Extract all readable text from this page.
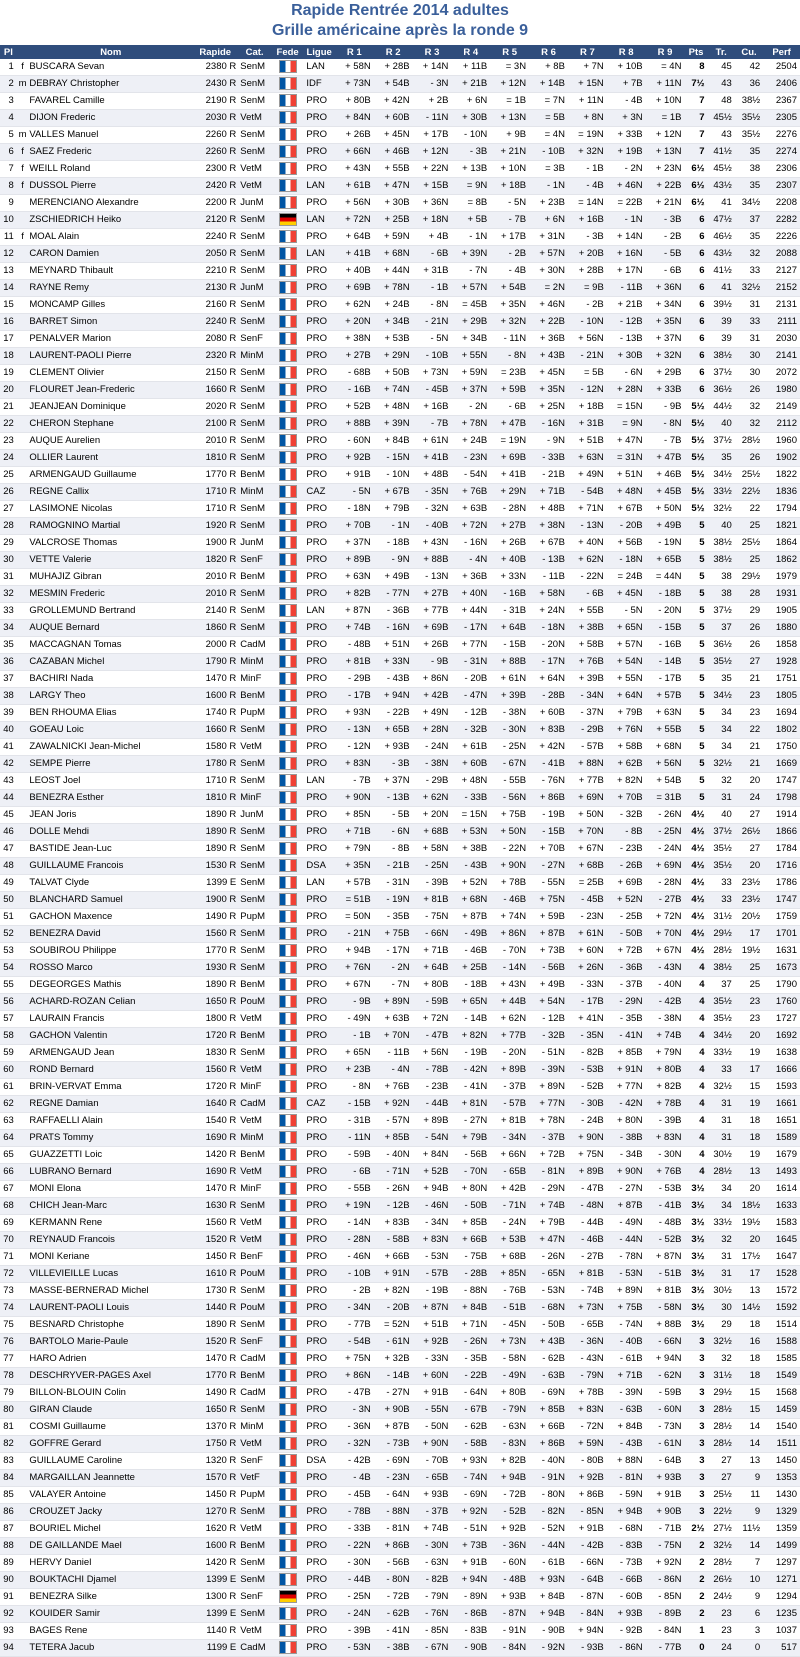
Rapide Rentrée 2014 adultes
Grille américaine après la ronde 9
Pl		Nom	Rapide	Cat.	Fede	Ligue	R 1	R 2	R 3	R 4	R 5	R 6	R 7	R 8	R 9	Pts	Tr.	Cu.	Perf
1	f	BUSCARA Sevan	2380 R	SenM		LAN	+ 58N	+ 28B	+ 14N	+ 11B	= 3N	+ 8B	+ 7N	+ 10B	= 4N	8	45	42	2504
2	m	DEBRAY Christopher	2430 R	SenM		IDF	+ 73N	+ 54B	- 3N	+ 21B	+ 12N	+ 14B	+ 15N	+ 7B	+ 11N	7½	43	36	2406
3		FAVAREL Camille	2190 R	SenM		PRO	+ 80B	+ 42N	+ 2B	+ 6N	= 1B	= 7N	+ 11N	- 4B	+ 10N	7	48	38½	2367
4		DIJON Frederic	2030 R	VetM		PRO	+ 84N	+ 60B	- 11N	+ 30B	+ 13N	= 5B	+ 8N	+ 3N	= 1B	7	45½	35½	2305
5	m	VALLES Manuel	2260 R	SenM		PRO	+ 26B	+ 45N	+ 17B	- 10N	+ 9B	= 4N	= 19N	+ 33B	+ 12N	7	43	35½	2276
6	f	SAEZ Frederic	2260 R	SenM		PRO	+ 66N	+ 46B	+ 12N	- 3B	+ 21N	- 10B	+ 32N	+ 19B	+ 13N	7	41½	35	2274
7	f	WEILL Roland	2300 R	VetM		PRO	+ 43N	+ 55B	+ 22N	+ 13B	+ 10N	= 3B	- 1B	- 2N	+ 23N	6½	45½	38	2306
8	f	DUSSOL Pierre	2420 R	VetM		LAN	+ 61B	+ 47N	+ 15B	= 9N	+ 18B	- 1N	- 4B	+ 46N	+ 22B	6½	43½	35	2307
9		MERENCIANO Alexandre	2200 R	JunM		PRO	+ 56N	+ 30B	+ 36N	= 8B	- 5N	+ 23B	= 14N	= 22B	+ 21N	6½	41	34½	2208
10		ZSCHIEDRICH Heiko	2120 R	SenM		LAN	+ 72N	+ 25B	+ 18N	+ 5B	- 7B	+ 6N	+ 16B	- 1N	- 3B	6	47½	37	2282
11	f	MOAL Alain	2240 R	SenM		PRO	+ 64B	+ 59N	+ 4B	- 1N	+ 17B	+ 31N	- 3B	+ 14N	- 2B	6	46½	35	2226
12		CARON Damien	2050 R	SenM		LAN	+ 41B	+ 68N	- 6B	+ 39N	- 2B	+ 57N	+ 20B	+ 16N	- 5B	6	43½	32	2088
13		MEYNARD Thibault	2210 R	SenM		PRO	+ 40B	+ 44N	+ 31B	- 7N	- 4B	+ 30N	+ 28B	+ 17N	- 6B	6	41½	33	2127
14		RAYNE Remy	2130 R	JunM		PRO	+ 69B	+ 78N	- 1B	+ 57N	+ 54B	= 2N	= 9B	- 11B	+ 36N	6	41	32½	2152
15		MONCAMP Gilles	2160 R	SenM		PRO	+ 62N	+ 24B	- 8N	= 45B	+ 35N	+ 46N	- 2B	+ 21B	+ 34N	6	39½	31	2131
16		BARRET Simon	2240 R	SenM		PRO	+ 20N	+ 34B	- 21N	+ 29B	+ 32N	+ 22B	- 10N	- 12B	+ 35N	6	39	33	2111
17		PENALVER Marion	2080 R	SenF		PRO	+ 38N	+ 53B	- 5N	+ 34B	- 11N	+ 36B	+ 56N	- 13B	+ 37N	6	39	31	2030
18		LAURENT-PAOLI Pierre	2320 R	MinM		PRO	+ 27B	+ 29N	- 10B	+ 55N	- 8N	+ 43B	- 21N	+ 30B	+ 32N	6	38½	30	2141
19		CLEMENT Olivier	2150 R	SenM		PRO	- 68B	+ 50B	+ 73N	+ 59N	= 23B	+ 45N	= 5B	- 6N	+ 29B	6	37½	30	2072
20		FLOURET Jean-Frederic	1660 R	SenM		PRO	- 16B	+ 74N	- 45B	+ 37N	+ 59B	+ 35N	- 12N	+ 28N	+ 33B	6	36½	26	1980
21		JEANJEAN Dominique	2020 R	SenM		PRO	+ 52B	+ 48N	+ 16B	- 2N	- 6B	+ 25N	+ 18B	= 15N	- 9B	5½	44½	32	2149
22		CHERON Stephane	2100 R	SenM		PRO	+ 88B	+ 39N	- 7B	+ 78N	+ 47B	- 16N	+ 31B	= 9N	- 8N	5½	40	32	2112
23		AUQUE Aurelien	2010 R	SenM		PRO	- 60N	+ 84B	+ 61N	+ 24B	= 19N	- 9N	+ 51B	+ 47N	- 7B	5½	37½	28½	1960
24		OLLIER Laurent	1810 R	SenM		PRO	+ 92B	- 15N	+ 41B	- 23N	+ 69B	- 33B	+ 63N	= 31N	+ 47B	5½	35	26	1902
25		ARMENGAUD Guillaume	1770 R	BenM		PRO	+ 91B	- 10N	+ 48B	- 54N	+ 41B	- 21B	+ 49N	+ 51N	+ 46B	5½	34½	25½	1822
26		REGNE Callix	1710 R	MinM		CAZ	- 5N	+ 67B	- 35N	+ 76B	+ 29N	+ 71B	- 54B	+ 48N	+ 45B	5½	33½	22½	1836
27		LASIMONE Nicolas	1710 R	SenM		PRO	- 18N	+ 79B	- 32N	+ 63B	- 28N	+ 48B	+ 71N	+ 67B	+ 50N	5½	32½	22	1794
28		RAMOGNINO Martial	1920 R	SenM		PRO	+ 70B	- 1N	- 40B	+ 72N	+ 27B	+ 38N	- 13N	- 20B	+ 49B	5	40	25	1821
29		VALCROSE Thomas	1900 R	JunM		PRO	+ 37N	- 18B	+ 43N	- 16N	+ 26B	+ 67B	+ 40N	+ 56B	- 19N	5	38½	25½	1864
30		VETTE Valerie	1820 R	SenF		PRO	+ 89B	- 9N	+ 88B	- 4N	+ 40B	- 13B	+ 62N	- 18N	+ 65B	5	38½	25	1862
31		MUHAJIZ Gibran	2010 R	BenM		PRO	+ 63N	+ 49B	- 13N	+ 36B	+ 33N	- 11B	- 22N	= 24B	= 44N	5	38	29½	1979
32		MESMIN Frederic	2010 R	SenM		PRO	+ 82B	- 77N	+ 27B	+ 40N	- 16B	+ 58N	- 6B	+ 45N	- 18B	5	38	28	1931
33		GROLLEMUND Bertrand	2140 R	SenM		LAN	+ 87N	- 36B	+ 77B	+ 44N	- 31B	+ 24N	+ 55B	- 5N	- 20N	5	37½	29	1905
34		AUQUE Bernard	1860 R	SenM		PRO	+ 74B	- 16N	+ 69B	- 17N	+ 64B	- 18N	+ 38B	+ 65N	- 15B	5	37	26	1880
35		MACCAGNAN Tomas	2000 R	CadM		PRO	- 48B	+ 51N	+ 26B	+ 77N	- 15B	- 20N	+ 58B	+ 57N	- 16B	5	36½	26	1858
36		CAZABAN Michel	1790 R	MinM		PRO	+ 81B	+ 33N	- 9B	- 31N	+ 88B	- 17N	+ 76B	+ 54N	- 14B	5	35½	27	1928
37		BACHIRI Nada	1470 R	MinF		PRO	- 29B	- 43B	+ 86N	- 20B	+ 61N	+ 64N	+ 39B	+ 55N	- 17B	5	35	21	1751
38		LARGY Theo	1600 R	BenM		PRO	- 17B	+ 94N	+ 42B	- 47N	+ 39B	- 28B	- 34N	+ 64N	+ 57B	5	34½	23	1805
39		BEN RHOUMA Elias	1740 R	PupM		PRO	+ 93N	- 22B	+ 49N	- 12B	- 38N	+ 60B	- 37N	+ 79B	+ 63N	5	34	23	1694
40		GOEAU Loic	1660 R	SenM		PRO	- 13N	+ 65B	+ 28N	- 32B	- 30N	+ 83B	- 29B	+ 76N	+ 55B	5	34	22	1802
41		ZAWALNICKI Jean-Michel	1580 R	VetM		PRO	- 12N	+ 93B	- 24N	+ 61B	- 25N	+ 42N	- 57B	+ 58B	+ 68N	5	34	21	1750
42		SEMPE Pierre	1780 R	SenM		PRO	+ 83N	- 3B	- 38N	+ 60B	- 67N	- 41B	+ 88N	+ 62B	+ 56N	5	32½	21	1669
43		LEOST Joel	1710 R	SenM		LAN	- 7B	+ 37N	- 29B	+ 48N	- 55B	- 76N	+ 77B	+ 82N	+ 54B	5	32	20	1747
44		BENEZRA Esther	1810 R	MinF		PRO	+ 90N	- 13B	+ 62N	- 33B	- 56N	+ 86B	+ 69N	+ 70B	= 31B	5	31	24	1798
45		JEAN Joris	1890 R	JunM		PRO	+ 85N	- 5B	+ 20N	= 15N	+ 75B	- 19B	+ 50N	- 32B	- 26N	4½	40	27	1914
46		DOLLE Mehdi	1890 R	SenM		PRO	+ 71B	- 6N	+ 68B	+ 53N	+ 50N	- 15B	+ 70N	- 8B	- 25N	4½	37½	26½	1866
47		BASTIDE Jean-Luc	1890 R	SenM		PRO	+ 79N	- 8B	+ 58N	+ 38B	- 22N	+ 70B	+ 67N	- 23B	- 24N	4½	35½	27	1784
48		GUILLAUME Francois	1530 R	SenM		DSA	+ 35N	- 21B	- 25N	- 43B	+ 90N	- 27N	+ 68B	- 26B	+ 69N	4½	35½	20	1716
49		TALVAT Clyde	1399 E	SenM		LAN	+ 57B	- 31N	- 39B	+ 52N	+ 78B	- 55N	= 25B	+ 69B	- 28N	4½	33	23½	1786
50		BLANCHARD Samuel	1900 R	SenM		PRO	= 51B	- 19N	+ 81B	+ 68N	- 46B	+ 75N	- 45B	+ 52N	- 27B	4½	33	23½	1747
51		GACHON Maxence	1490 R	PupM		PRO	= 50N	- 35B	- 75N	+ 87B	+ 74N	+ 59B	- 23N	- 25B	+ 72N	4½	31½	20½	1759
52		BENEZRA David	1560 R	SenM		PRO	- 21N	+ 75B	- 66N	- 49B	+ 86N	+ 87B	+ 61N	- 50B	+ 70N	4½	29½	17	1701
53		SOUBIROU Philippe	1770 R	SenM		PRO	+ 94B	- 17N	+ 71B	- 46B	- 70N	+ 73B	+ 60N	+ 72B	+ 67N	4½	28½	19½	1631
54		ROSSO Marco	1930 R	SenM		PRO	+ 76N	- 2N	+ 64B	+ 25B	- 14N	- 56B	+ 26N	- 36B	- 43N	4	38½	25	1673
55		DEGEORGES Mathis	1890 R	BenM		PRO	+ 67N	- 7N	+ 80B	- 18B	+ 43N	+ 49B	- 33N	- 37B	- 40N	4	37	25	1790
56		ACHARD-ROZAN Celian	1650 R	PouM		PRO	- 9B	+ 89N	- 59B	+ 65N	+ 44B	+ 54N	- 17B	- 29N	- 42B	4	35½	23	1760
57		LAURAIN Francis	1800 R	VetM		PRO	- 49N	+ 63B	+ 72N	- 14B	+ 62N	- 12B	+ 41N	- 35B	- 38N	4	35½	23	1727
58		GACHON Valentin	1720 R	BenM		PRO	- 1B	+ 70N	- 47B	+ 82N	+ 77B	- 32B	- 35N	- 41N	+ 74B	4	34½	20	1692
59		ARMENGAUD Jean	1830 R	SenM		PRO	+ 65N	- 11B	+ 56N	- 19B	- 20N	- 51N	- 82B	+ 85B	+ 79N	4	33½	19	1638
60		ROND Bernard	1560 R	VetM		PRO	+ 23B	- 4N	- 78B	- 42N	+ 89B	- 39N	- 53B	+ 91N	+ 80B	4	33	17	1666
61		BRIN-VERVAT Emma	1720 R	MinF		PRO	- 8N	+ 76B	- 23B	- 41N	- 37B	+ 89N	- 52B	+ 77N	+ 82B	4	32½	15	1593
62		REGNE Damian	1640 R	CadM		CAZ	- 15B	+ 92N	- 44B	+ 81N	- 57B	+ 77N	- 30B	- 42N	+ 78B	4	31	19	1661
63		RAFFAELLI Alain	1540 R	VetM		PRO	- 31B	- 57N	+ 89B	- 27N	+ 81B	+ 78N	- 24B	+ 80N	- 39B	4	31	18	1651
64		PRATS Tommy	1690 R	MinM		PRO	- 11N	+ 85B	- 54N	+ 79B	- 34N	- 37B	+ 90N	- 38B	+ 83N	4	31	18	1589
65		GUAZZETTI Loic	1420 R	BenM		PRO	- 59B	- 40N	+ 84N	- 56B	+ 66N	+ 72B	+ 75N	- 34B	- 30N	4	30½	19	1679
66		LUBRANO Bernard	1690 R	VetM		PRO	- 6B	- 71N	+ 52B	- 70N	- 65B	- 81N	+ 89B	+ 90N	+ 76B	4	28½	13	1493
67		MONI Elona	1470 R	MinF		PRO	- 55B	- 26N	+ 94B	+ 80N	+ 42B	- 29N	- 47B	- 27N	- 53B	3½	34	20	1614
68		CHICH Jean-Marc	1630 R	SenM		PRO	+ 19N	- 12B	- 46N	- 50B	- 71N	+ 74B	- 48N	+ 87B	- 41B	3½	34	18½	1633
69		KERMANN Rene	1560 R	VetM		PRO	- 14N	+ 83B	- 34N	+ 85B	- 24N	+ 79B	- 44B	- 49N	- 48B	3½	33½	19½	1583
70		REYNAUD Francois	1520 R	VetM		PRO	- 28N	- 58B	+ 83N	+ 66B	+ 53B	+ 47N	- 46B	- 44N	- 52B	3½	32	20	1645
71		MONI Keriane	1450 R	BenF		PRO	- 46N	+ 66B	- 53N	- 75B	+ 68B	- 26N	- 27B	- 78N	+ 87N	3½	31	17½	1647
72		VILLEVIEILLE Lucas	1610 R	PouM		PRO	- 10B	+ 91N	- 57B	- 28B	+ 85N	- 65N	+ 81B	- 53N	- 51B	3½	31	17	1528
73		MASSE-BERNERAD Michel	1730 R	SenM		PRO	- 2B	+ 82N	- 19B	- 88N	- 76B	- 53N	- 74B	+ 89N	+ 81B	3½	30½	13	1572
74		LAURENT-PAOLI Louis	1440 R	PouM		PRO	- 34N	- 20B	+ 87N	+ 84B	- 51B	- 68N	+ 73N	+ 75B	- 58N	3½	30	14½	1592
75		BESNARD Christophe	1890 R	SenM		PRO	- 77B	= 52N	+ 51B	+ 71N	- 45N	- 50B	- 65B	- 74N	+ 88B	3½	29	18	1514
76		BARTOLO Marie-Paule	1520 R	SenF		PRO	- 54B	- 61N	+ 92B	- 26N	+ 73N	+ 43B	- 36N	- 40B	- 66N	3	32½	16	1588
77		HARO Adrien	1470 R	CadM		PRO	+ 75N	+ 32B	- 33N	- 35B	- 58N	- 62B	- 43N	- 61B	+ 94N	3	32	18	1585
78		DESCHRYVER-PAGES Axel	1770 R	BenM		PRO	+ 86N	- 14B	+ 60N	- 22B	- 49N	- 63B	- 79N	+ 71B	- 62N	3	31½	18	1549
79		BILLON-BLOUIN Colin	1490 R	CadM		PRO	- 47B	- 27N	+ 91B	- 64N	+ 80B	- 69N	+ 78B	- 39N	- 59B	3	29½	15	1568
80		GIRAN Claude	1650 R	SenM		PRO	- 3N	+ 90B	- 55N	- 67B	- 79N	+ 85B	+ 83N	- 63B	- 60N	3	28½	15	1459
81		COSMI Guillaume	1370 R	MinM		PRO	- 36N	+ 87B	- 50N	- 62B	- 63N	+ 66B	- 72N	+ 84B	- 73N	3	28½	14	1540
82		GOFFRE Gerard	1750 R	VetM		PRO	- 32N	- 73B	+ 90N	- 58B	- 83N	+ 86B	+ 59N	- 43B	- 61N	3	28½	14	1511
83		GUILLAUME Caroline	1320 R	SenF		DSA	- 42B	- 69N	- 70B	+ 93N	+ 82B	- 40N	- 80B	+ 88N	- 64B	3	27	13	1450
84		MARGAILLAN Jeannette	1570 R	VetF		PRO	- 4B	- 23N	- 65B	- 74N	+ 94B	- 91N	+ 92B	- 81N	+ 93B	3	27	9	1353
85		VALAYER Antoine	1450 R	PupM		PRO	- 45B	- 64N	+ 93B	- 69N	- 72B	- 80N	+ 86B	- 59N	+ 91B	3	25½	11	1430
86		CROUZET Jacky	1270 R	SenM		PRO	- 78B	- 88N	- 37B	+ 92N	- 52B	- 82N	- 85N	+ 94B	+ 90B	3	22½	9	1329
87		BOURIEL Michel	1620 R	VetM		PRO	- 33B	- 81N	+ 74B	- 51N	+ 92B	- 52N	+ 91B	- 68N	- 71B	2½	27½	11½	1359
88		DE GAILLANDE Mael	1600 R	BenM		PRO	- 22N	+ 86B	- 30N	+ 73B	- 36N	- 44N	- 42B	- 83B	- 75N	2	32½	14	1499
89		HERVY Daniel	1420 R	SenM		PRO	- 30N	- 56B	- 63N	+ 91B	- 60N	- 61B	- 66N	- 73B	+ 92N	2	28½	7	1297
90		BOUKTACHI Djamel	1399 E	SenM		PRO	- 44B	- 80N	- 82B	+ 94N	- 48B	+ 93N	- 64B	- 66B	- 86N	2	26½	10	1271
91		BENEZRA Silke	1300 R	SenF		PRO	- 25N	- 72B	- 79N	- 89N	+ 93B	+ 84B	- 87N	- 60B	- 85N	2	24½	9	1294
92		KOUIDER Samir	1399 E	SenM		PRO	- 24N	- 62B	- 76N	- 86B	- 87N	+ 94B	- 84N	+ 93B	- 89B	2	23	6	1235
93		BAGES Rene	1140 R	VetM		PRO	- 39B	- 41N	- 85N	- 83B	- 91N	- 90B	+ 94N	- 92B	- 84N	1	23	3	1037
94		TETERA Jacub	1199 E	CadM		PRO	- 53N	- 38B	- 67N	- 90B	- 84N	- 92N	- 93B	- 86N	- 77B	0	24	0	517
